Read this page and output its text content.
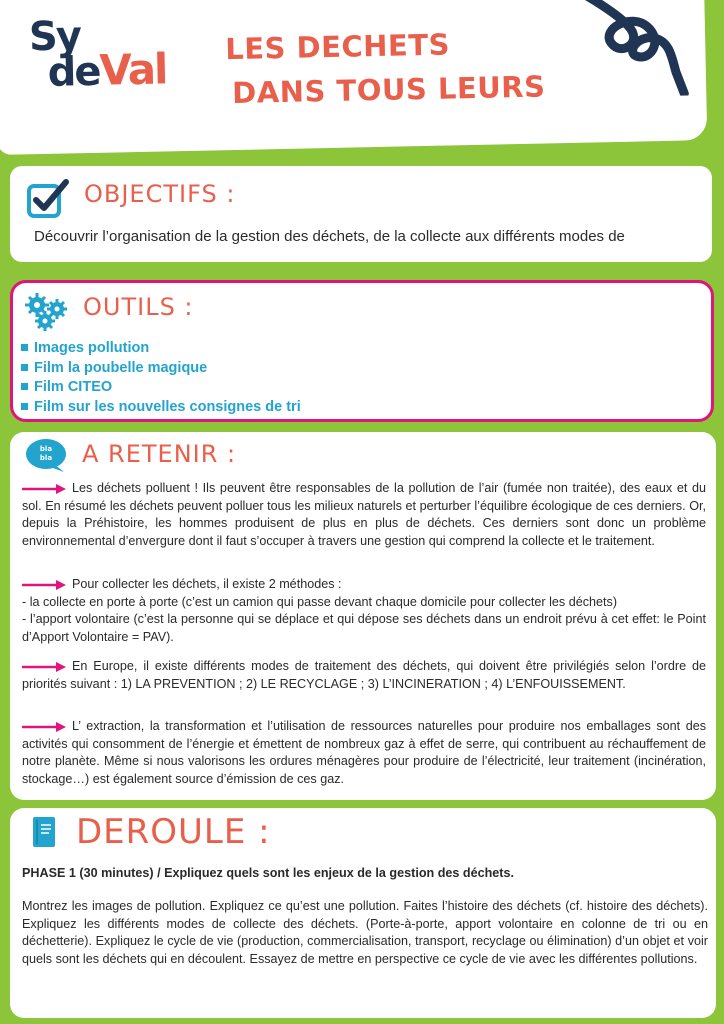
Sy
deVal LES DECHETS
DANS TOUS LEURS
OBJECTIFS :
Découvrir l’organisation de la gestion des déchets, de la collecte aux différents modes de
OUTILS :
Images pollution
Film la poubelle magique
Film CITEO
Film sur les nouvelles consignes de tri
bla
bla A RETENIR :
Les déchets polluent ! Ils peuvent être responsables de la pollution de l’air (fumée non traitée), des eaux et du sol. En résumé les déchets peuvent polluer tous les milieux naturels et perturber l’équilibre écologique de ces derniers. Or, depuis la Préhistoire, les hommes produisent de plus en plus de déchets. Ces derniers sont donc un problème environnemental d’envergure dont il faut s’occuper à travers une gestion qui comprend la collecte et le traitement.
Pour collecter les déchets, il existe 2 méthodes :
- la collecte en porte à porte (c’est un camion qui passe devant chaque domicile pour collecter les déchets)
- l’apport volontaire (c’est la personne qui se déplace et qui dépose ses déchets dans un endroit prévu à cet effet: le Point d’Apport Volontaire = PAV).
En Europe, il existe différents modes de traitement des déchets, qui doivent être privilégiés selon l’ordre de priorités suivant : 1) LA PREVENTION ; 2) LE RECYCLAGE ; 3) L’INCINERATION ; 4) L’ENFOUISSEMENT.
L’ extraction, la transformation et l’utilisation de ressources naturelles pour produire nos emballages sont des activités qui consomment de l’énergie et émettent de nombreux gaz à effet de serre, qui contribuent au réchauffement de notre planète. Même si nous valorisons les ordures ménagères pour produire de l’électricité, leur traitement (incinération, stockage…) est également source d’émission de ces gaz.
DEROULE :
PHASE 1 (30 minutes) / Expliquez quels sont les enjeux de la gestion des déchets.
Montrez les images de pollution. Expliquez ce qu’est une pollution. Faites l’histoire des déchets (cf. histoire des déchets). Expliquez les différents modes de collecte des déchets. (Porte-à-porte, apport volontaire en colonne de tri ou en déchetterie). Expliquez le cycle de vie (production, commercialisation, transport, recyclage ou élimination) d’un objet et voir quels sont les déchets qui en découlent. Essayez de mettre en perspective ce cycle de vie avec les différentes pollutions.
